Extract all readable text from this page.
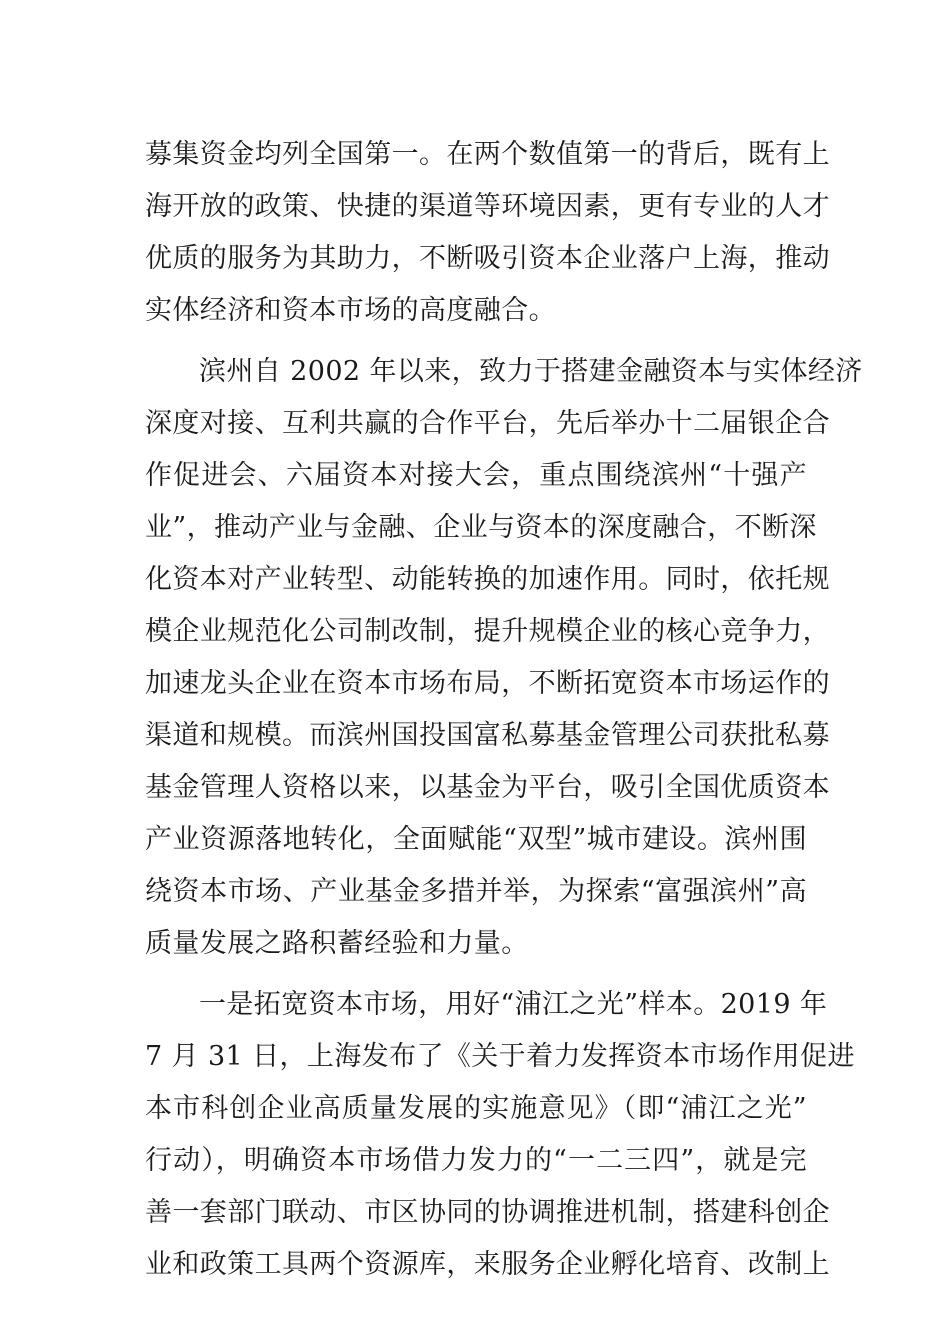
募集资金均列全国第一。在两个数值第一的背后，既有上
海开放的政策、快捷的渠道等环境因素，更有专业的人才
优质的服务为其助力，不断吸引资本企业落户上海，推动
实体经济和资本市场的高度融合。
滨州自 2002 年以来，致力于搭建金融资本与实体经济
深度对接、互利共赢的合作平台，先后举办十二届银企合
作促进会、六届资本对接大会，重点围绕滨州“十强产
业”，推动产业与金融、企业与资本的深度融合，不断深
化资本对产业转型、动能转换的加速作用。同时，依托规
模企业规范化公司制改制，提升规模企业的核心竞争力，
加速龙头企业在资本市场布局，不断拓宽资本市场运作的
渠道和规模。而滨州国投国富私募基金管理公司获批私募
基金管理人资格以来，以基金为平台，吸引全国优质资本
产业资源落地转化，全面赋能“双型”城市建设。滨州围
绕资本市场、产业基金多措并举，为探索“富强滨州”高
质量发展之路积蓄经验和力量。
一是拓宽资本市场，用好“浦江之光”样本。2019 年
7 月 31 日，上海发布了《关于着力发挥资本市场作用促进
本市科创企业高质量发展的实施意见》（即“浦江之光”
行动），明确资本市场借力发力的“一二三四”，就是完
善一套部门联动、市区协同的协调推进机制，搭建科创企
业和政策工具两个资源库，来服务企业孵化培育、改制上
